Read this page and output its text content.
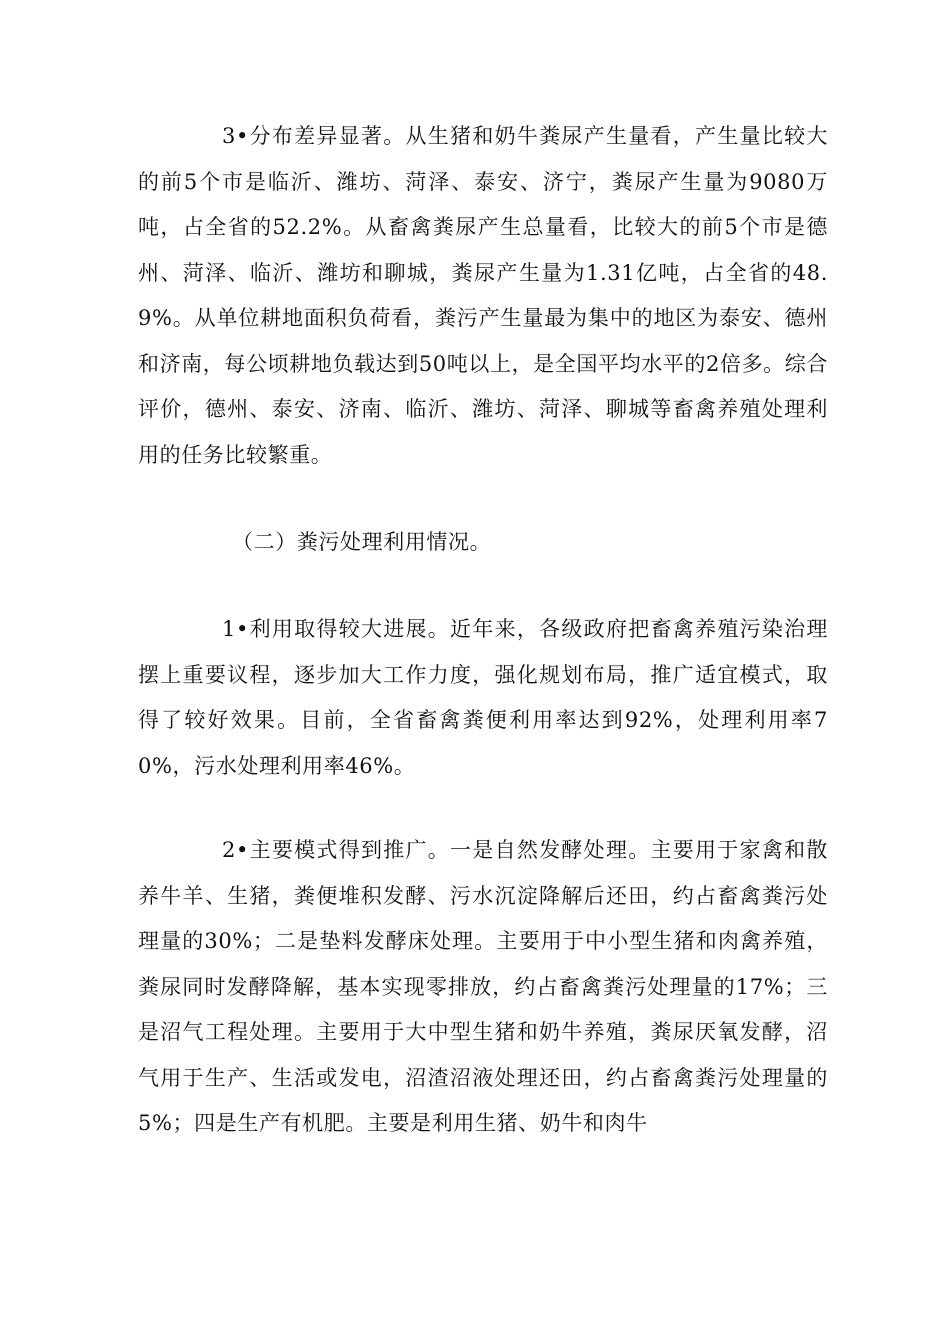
3•分布差异显著。从生猪和奶牛粪尿产生量看，产生量比较大的前5个市是临沂、潍坊、菏泽、泰安、济宁，粪尿产生量为9080万吨，占全省的52.2%。从畜禽粪尿产生总量看，比较大的前5个市是德州、菏泽、临沂、潍坊和聊城，粪尿产生量为1.31亿吨，占全省的48.9%。从单位耕地面积负荷看，粪污产生量最为集中的地区为泰安、德州和济南，每公顷耕地负载达到50吨以上，是全国平均水平的2倍多。综合评价，德州、泰安、济南、临沂、潍坊、菏泽、聊城等畜禽养殖处理利用的任务比较繁重。

（二）粪污处理利用情况。

1•利用取得较大进展。近年来，各级政府把畜禽养殖污染治理摆上重要议程，逐步加大工作力度，强化规划布局，推广适宜模式，取得了较好效果。目前，全省畜禽粪便利用率达到92%，处理利用率70%，污水处理利用率46%。

2•主要模式得到推广。一是自然发酵处理。主要用于家禽和散养牛羊、生猪，粪便堆积发酵、污水沉淀降解后还田，约占畜禽粪污处理量的30%；二是垫料发酵床处理。主要用于中小型生猪和肉禽养殖，粪尿同时发酵降解，基本实现零排放，约占畜禽粪污处理量的17%；三是沼气工程处理。主要用于大中型生猪和奶牛养殖，粪尿厌氧发酵，沼气用于生产、生活或发电，沼渣沼液处理还田，约占畜禽粪污处理量的5%；四是生产有机肥。主要是利用生猪、奶牛和肉牛
